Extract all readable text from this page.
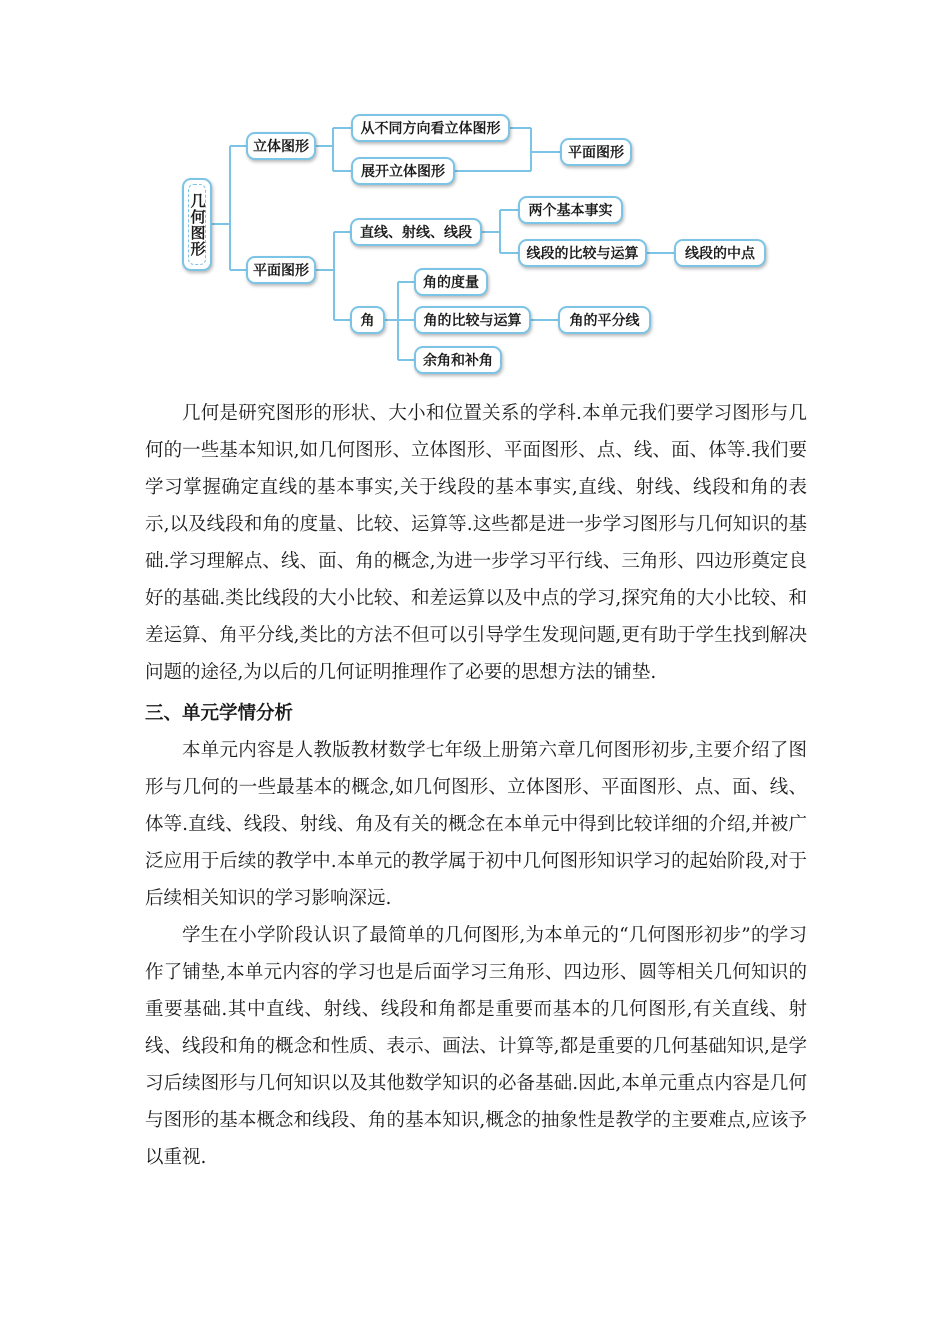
几何图形
立体图形
从不同方向看立体图形
展开立体图形
平面图形
平面图形
直线、射线、线段
两个基本事实
线段的比较与运算	线段的中点
角
角的度量
角的比较与运算
余角和补角
角的平分线

几何是研究图形的形状、大小和位置关系的学科.本单元我们要学习图形与几何的一些基本知识,如几何图形、立体图形、平面图形、点、线、面、体等.我们要学习掌握确定直线的基本事实,关于线段的基本事实,直线、射线、线段和角的表示,以及线段和角的度量、比较、运算等.这些都是进一步学习图形与几何知识的基础.学习理解点、线、面、角的概念,为进一步学习平行线、三角形、四边形奠定良好的基础.类比线段的大小比较、和差运算以及中点的学习,探究角的大小比较、和差运算、角平分线,类比的方法不但可以引导学生发现问题,更有助于学生找到解决问题的途径,为以后的几何证明推理作了必要的思想方法的铺垫.

三、单元学情分析

本单元内容是人教版教材数学七年级上册第六章几何图形初步,主要介绍了图形与几何的一些最基本的概念,如几何图形、立体图形、平面图形、点、面、线、体等.直线、线段、射线、角及有关的概念在本单元中得到比较详细的介绍,并被广泛应用于后续的教学中.本单元的教学属于初中几何图形知识学习的起始阶段,对于后续相关知识的学习影响深远.

学生在小学阶段认识了最简单的几何图形,为本单元的“几何图形初步”的学习作了铺垫,本单元内容的学习也是后面学习三角形、四边形、圆等相关几何知识的重要基础.其中直线、射线、线段和角都是重要而基本的几何图形,有关直线、射线、线段和角的概念和性质、表示、画法、计算等,都是重要的几何基础知识,是学习后续图形与几何知识以及其他数学知识的必备基础.因此,本单元重点内容是几何与图形的基本概念和线段、角的基本知识,概念的抽象性是教学的主要难点,应该予以重视.
